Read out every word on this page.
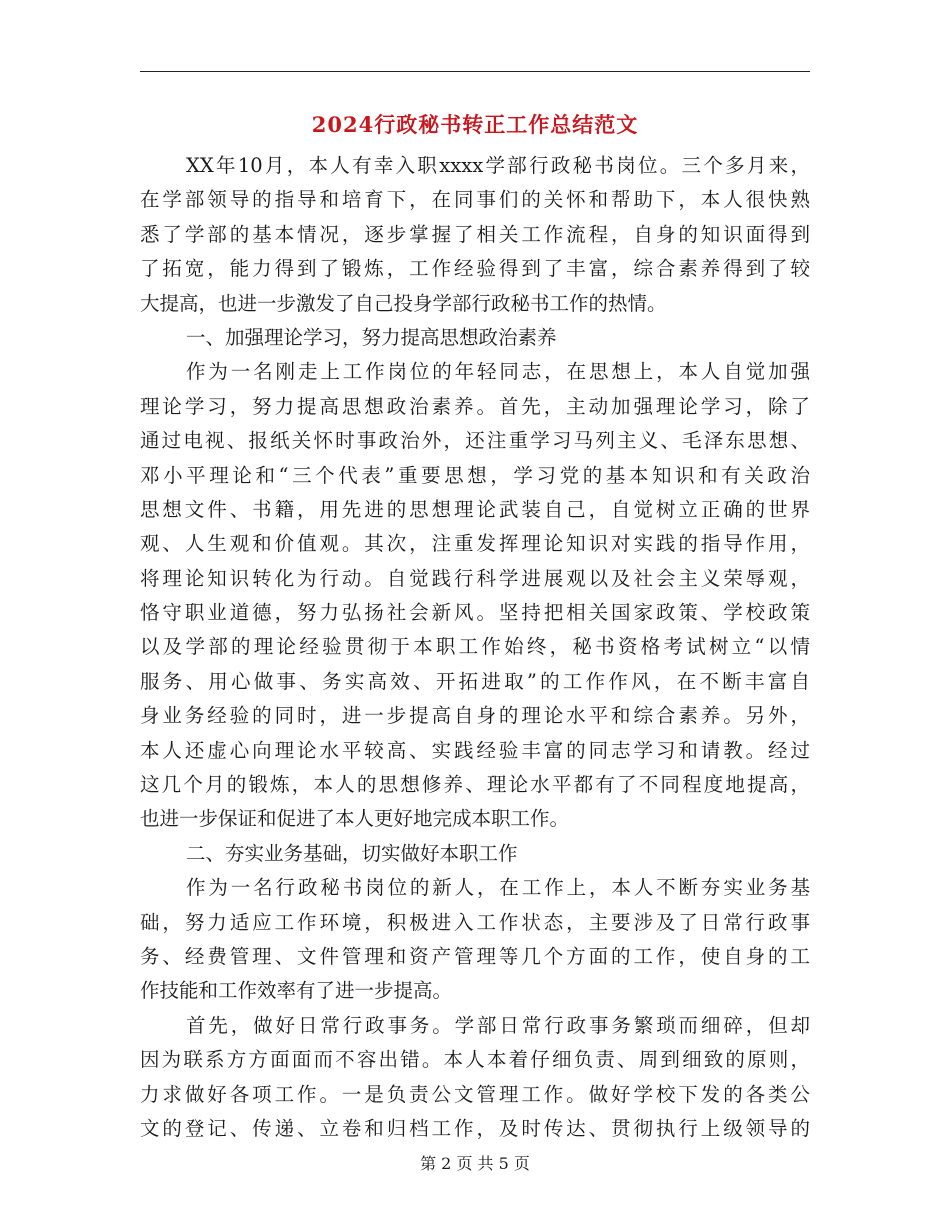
2024行政秘书转正工作总结范文
XX年10月，本人有幸入职xxxx学部行政秘书岗位。三个多月来，
在学部领导的指导和培育下，在同事们的关怀和帮助下，本人很快熟
悉了学部的基本情况，逐步掌握了相关工作流程，自身的知识面得到
了拓宽，能力得到了锻炼，工作经验得到了丰富，综合素养得到了较
大提高，也进一步激发了自己投身学部行政秘书工作的热情。
一、加强理论学习，努力提高思想政治素养
作为一名刚走上工作岗位的年轻同志，在思想上，本人自觉加强
理论学习，努力提高思想政治素养。首先，主动加强理论学习，除了
通过电视、报纸关怀时事政治外，还注重学习马列主义、毛泽东思想、
邓小平理论和“三个代表”重要思想，学习党的基本知识和有关政治
思想文件、书籍，用先进的思想理论武装自己，自觉树立正确的世界
观、人生观和价值观。其次，注重发挥理论知识对实践的指导作用，
将理论知识转化为行动。自觉践行科学进展观以及社会主义荣辱观，
恪守职业道德，努力弘扬社会新风。坚持把相关国家政策、学校政策
以及学部的理论经验贯彻于本职工作始终，秘书资格考试树立“以情
服务、用心做事、务实高效、开拓进取”的工作作风，在不断丰富自
身业务经验的同时，进一步提高自身的理论水平和综合素养。另外，
本人还虚心向理论水平较高、实践经验丰富的同志学习和请教。经过
这几个月的锻炼，本人的思想修养、理论水平都有了不同程度地提高，
也进一步保证和促进了本人更好地完成本职工作。
二、夯实业务基础，切实做好本职工作
作为一名行政秘书岗位的新人，在工作上，本人不断夯实业务基
础，努力适应工作环境，积极进入工作状态，主要涉及了日常行政事
务、经费管理、文件管理和资产管理等几个方面的工作，使自身的工
作技能和工作效率有了进一步提高。
首先，做好日常行政事务。学部日常行政事务繁琐而细碎，但却
因为联系方方面面而不容出错。本人本着仔细负责、周到细致的原则，
力求做好各项工作。一是负责公文管理工作。做好学校下发的各类公
文的登记、传递、立卷和归档工作，及时传达、贯彻执行上级领导的
第 2 页 共 5 页
